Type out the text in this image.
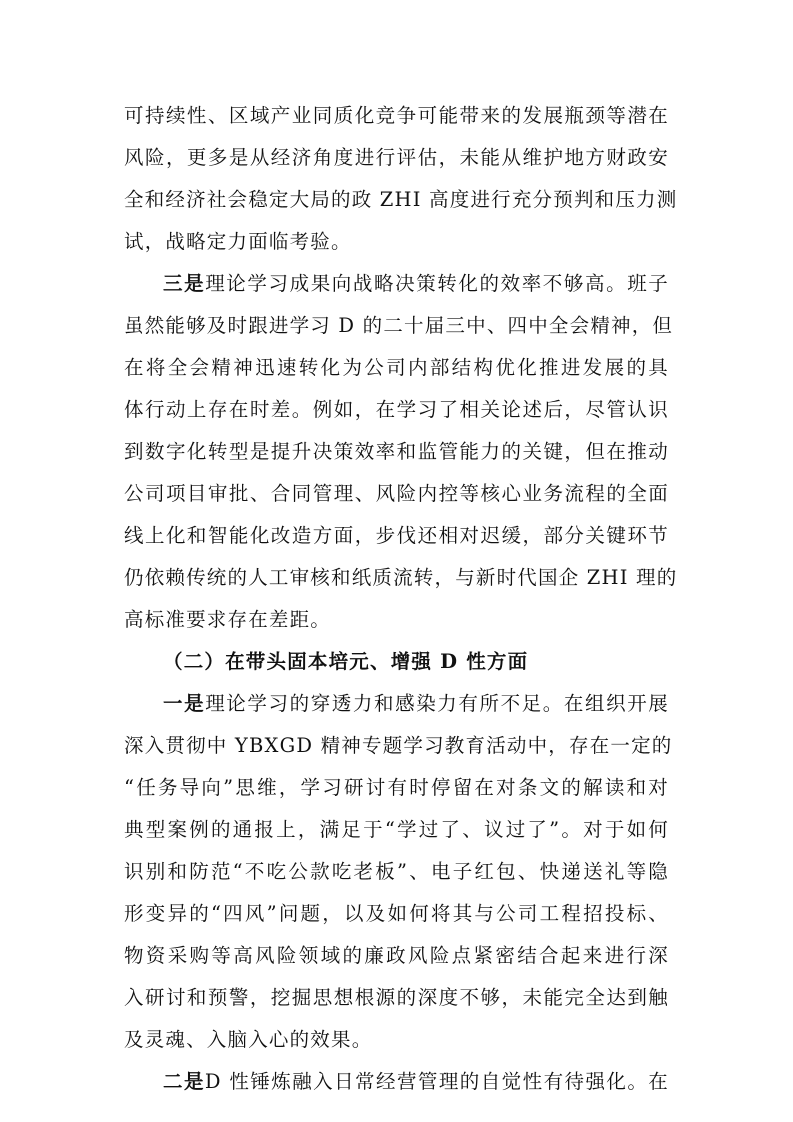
可持续性、区域产业同质化竞争可能带来的发展瓶颈等潜在
风险，更多是从经济角度进行评估，未能从维护地方财政安
全和经济社会稳定大局的政 ZHI 高度进行充分预判和压力测
试，战略定力面临考验。
三是理论学习成果向战略决策转化的效率不够高。班子
虽然能够及时跟进学习 D 的二十届三中、四中全会精神，但
在将全会精神迅速转化为公司内部结构优化推进发展的具
体行动上存在时差。例如，在学习了相关论述后，尽管认识
到数字化转型是提升决策效率和监管能力的关键，但在推动
公司项目审批、合同管理、风险内控等核心业务流程的全面
线上化和智能化改造方面，步伐还相对迟缓，部分关键环节
仍依赖传统的人工审核和纸质流转，与新时代国企 ZHI 理的
高标准要求存在差距。
（二）在带头固本培元、增强 D 性方面
一是理论学习的穿透力和感染力有所不足。在组织开展
深入贯彻中 YBXGD 精神专题学习教育活动中，存在一定的
“任务导向”思维，学习研讨有时停留在对条文的解读和对
典型案例的通报上，满足于“学过了、议过了”。对于如何
识别和防范“不吃公款吃老板”、电子红包、快递送礼等隐
形变异的“四风”问题，以及如何将其与公司工程招投标、
物资采购等高风险领域的廉政风险点紧密结合起来进行深
入研讨和预警，挖掘思想根源的深度不够，未能完全达到触
及灵魂、入脑入心的效果。
二是D 性锤炼融入日常经营管理的自觉性有待强化。在
